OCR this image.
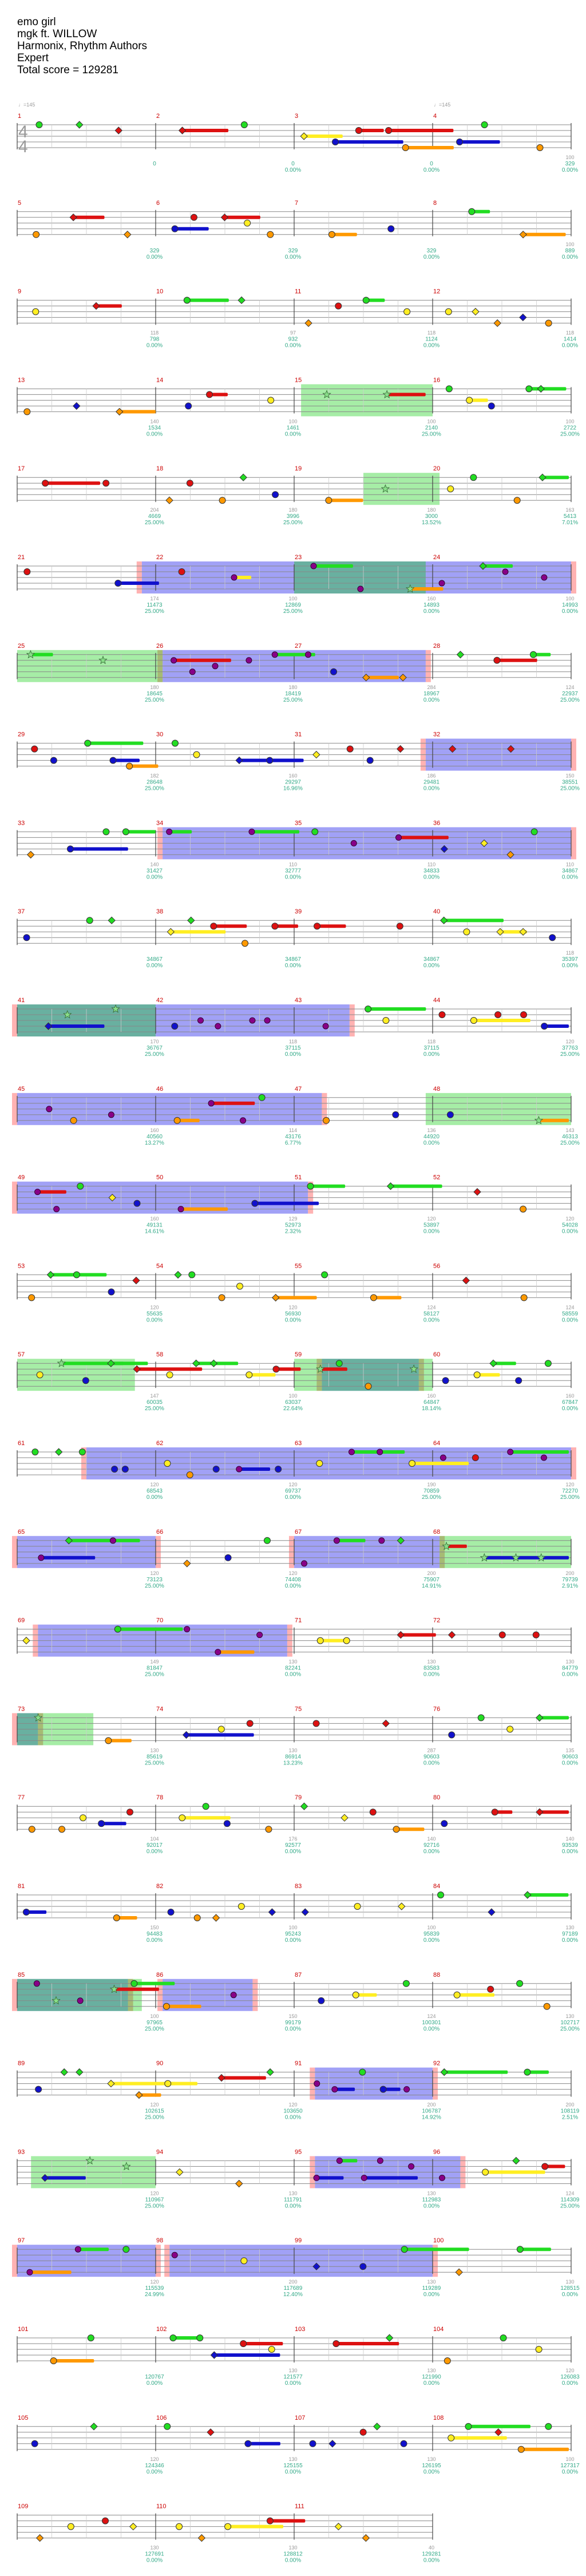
emo girl
mgk ft. WILLOW
Harmonix, Rhythm Authors
Expert
Total score = 129281
1
0
2
0
0.00%
3
0
0.00%
4
100
329
0.00%
4
4
♩=145	♩=145
5
329
0.00%
6
329
0.00%
7
329
0.00%
8
100
889
0.00%
9
118
798
0.00%
10
97
932
0.00%
11
118
1124
0.00%
12
118
1414
0.00%
13
140
1534
0.00%
14
100
1461
0.00%
15
100
2140
25.00%
16
100
2722
25.00%
17
204
4669
25.00%
18
180
3996
25.00%
19
180
3000
13.52%
20
163
5413
7.01%
21
174
11473
25.00%
22
100
12869
25.00%
23
160
14893
0.00%
24
100
14993
0.00%
25
180
18645
25.00%
26
180
18419
25.00%
27
284
18967
0.00%
28
124
22937
25.00%
29
182
28648
25.00%
30
160
29297
16.96%
31
186
29481
0.00%
32
150
38551
25.00%
33
140
31427
0.00%
34
110
32777
0.00%
35
110
34833
0.00%
36
110
34867
0.00%
37
34867
0.00%
38
34867
0.00%
39
34867
0.00%
40
118
35397
0.00%
41
170
36767
25.00%
42
118
37115
0.00%
43
118
37115
0.00%
44
120
37763
25.00%
45
160
40560
13.27%
46
114
43176
6.77%
47
136
44920
0.00%
48
143
46313
25.00%
49
160
49131
14.61%
50
129
52973
2.32%
51
120
53897
0.00%
52
120
54028
0.00%
53
120
55635
0.00%
54
120
56930
0.00%
55
124
58127
0.00%
56
124
58559
0.00%
57
147
60035
25.00%
58
100
63037
22.64%
59
160
64847
18.14%
60
160
67847
0.00%
61
120
68543
0.00%
62
120
69737
0.00%
63
190
70859
25.00%
64
120
72270
25.00%
65
120
73123
25.00%
66
120
74408
0.00%
67
200
75907
14.91%
68
200
79739
2.91%
69
149
81847
25.00%
70
130
82241
0.00%
71
130
83583
0.00%
72
130
84779
0.00%
73
130
85619
25.00%
74
130
86914
13.23%
75
287
90603
0.00%
76
135
90603
0.00%
77
104
92017
0.00%
78
176
92577
0.00%
79
140
92716
0.00%
80
140
93539
0.00%
81
150
94483
0.00%
82
100
95243
0.00%
83
100
95839
0.00%
84
130
97189
0.00%
85
100
97965
25.00%
86
150
99179
0.00%
87
124
100301
0.00%
88
130
102717
25.00%
89
120
102615
25.00%
90
120
103650
0.00%
91
200
106787
14.92%
92
200
108119
2.51%
93
120
110967
25.00%
94
130
111791
0.00%
95
130
112983
0.00%
96
124
114309
25.00%
97
120
115539
24.99%
98
200
117689
12.40%
99
130
119289
0.00%
100
130
128515
0.00%
101
120767
0.00%
102
130
121577
0.00%
103
130
121990
0.00%
104
120
126083
0.00%
105
120
124346
0.00%
106
130
125155
0.00%
107
130
126195
0.00%
108
100
127317
0.00%
109
130
127691
0.00%
110
130
128812
0.00%
111
40
129281
0.00%
